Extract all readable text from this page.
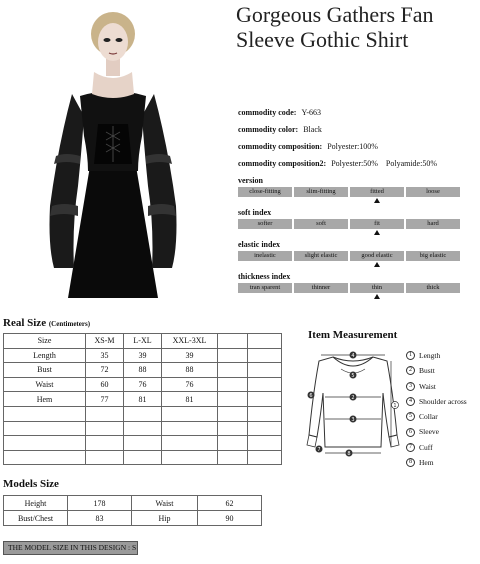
Gorgeous Gathers Fan
Sleeve Gothic Shirt
commodity code: Y-663
commodity color: Black
commodity composition: Polyester:100%
commodity composition2: Polyester:50% Polyamide:50%
version
close-fitting	slim-fitting	fitted	loose
soft index
softer	soft	fit	hard
elastic index
inelastic	slight elastic	good elastic	big elastic
thickness index
tran sparent	thinner	thin	thick
Real Size (Centimeters)
Size	XS-M	L-XL	XXL-3XL		
Length	35	39	39		
Bust	72	88	88		
Waist	60	76	76		
Hem	77	81	81		

Item Measurement
4
5
2
3
1
6
7
8
1 Length
2 Bustt
3 Waist
4 Shoulder across
5 Collar
6 Sleeve
7 Cuff
8 Hem
Models Size
Height	178	Waist	62
Bust/Chest	83	Hip	90
THE MODEL SIZE IN THIS DESIGN : S
